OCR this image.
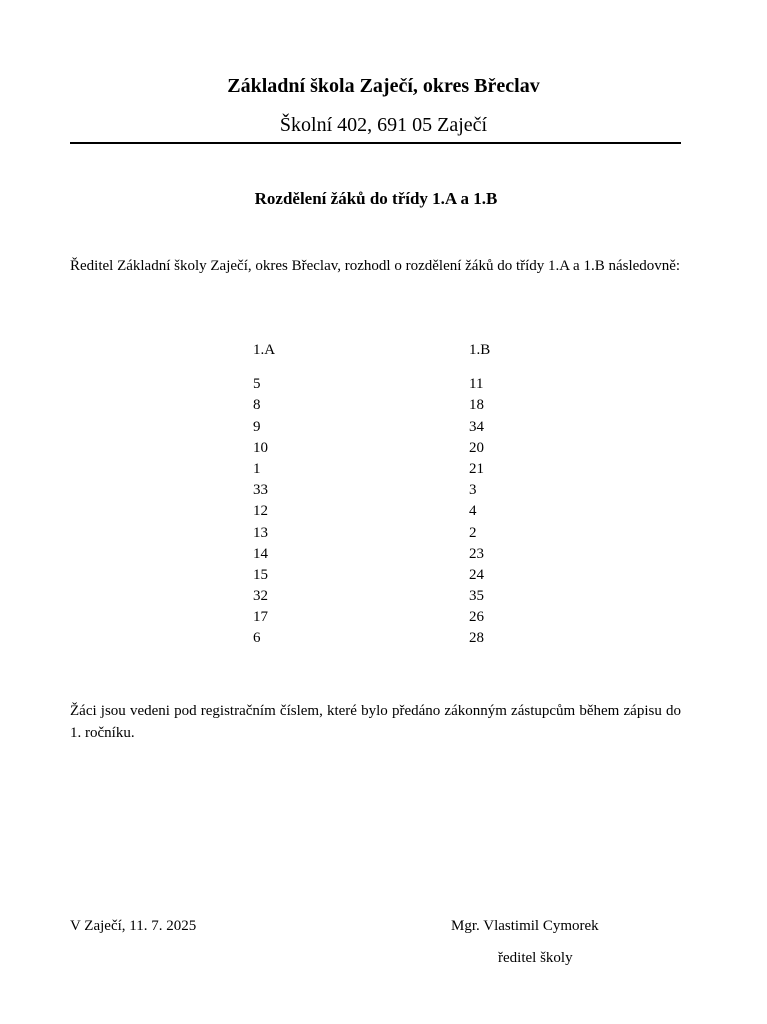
Základní škola Zaječí, okres Břeclav
Školní 402, 691 05 Zaječí
Rozdělení žáků do třídy 1.A a 1.B
Ředitel Základní školy Zaječí, okres Břeclav, rozhodl o rozdělení žáků do třídy 1.A a 1.B následovně:
1.A
5
8
9
10
1
33
12
13
14
15
32
17
6
1.B
11
18
34
20
21
3
4
2
23
24
35
26
28
Žáci jsou vedeni pod registračním číslem, které bylo předáno zákonným zástupcům během zápisu do 1. ročníku.
V Zaječí, 11. 7. 2025	Mgr. Vlastimil Cymorek
ředitel školy
